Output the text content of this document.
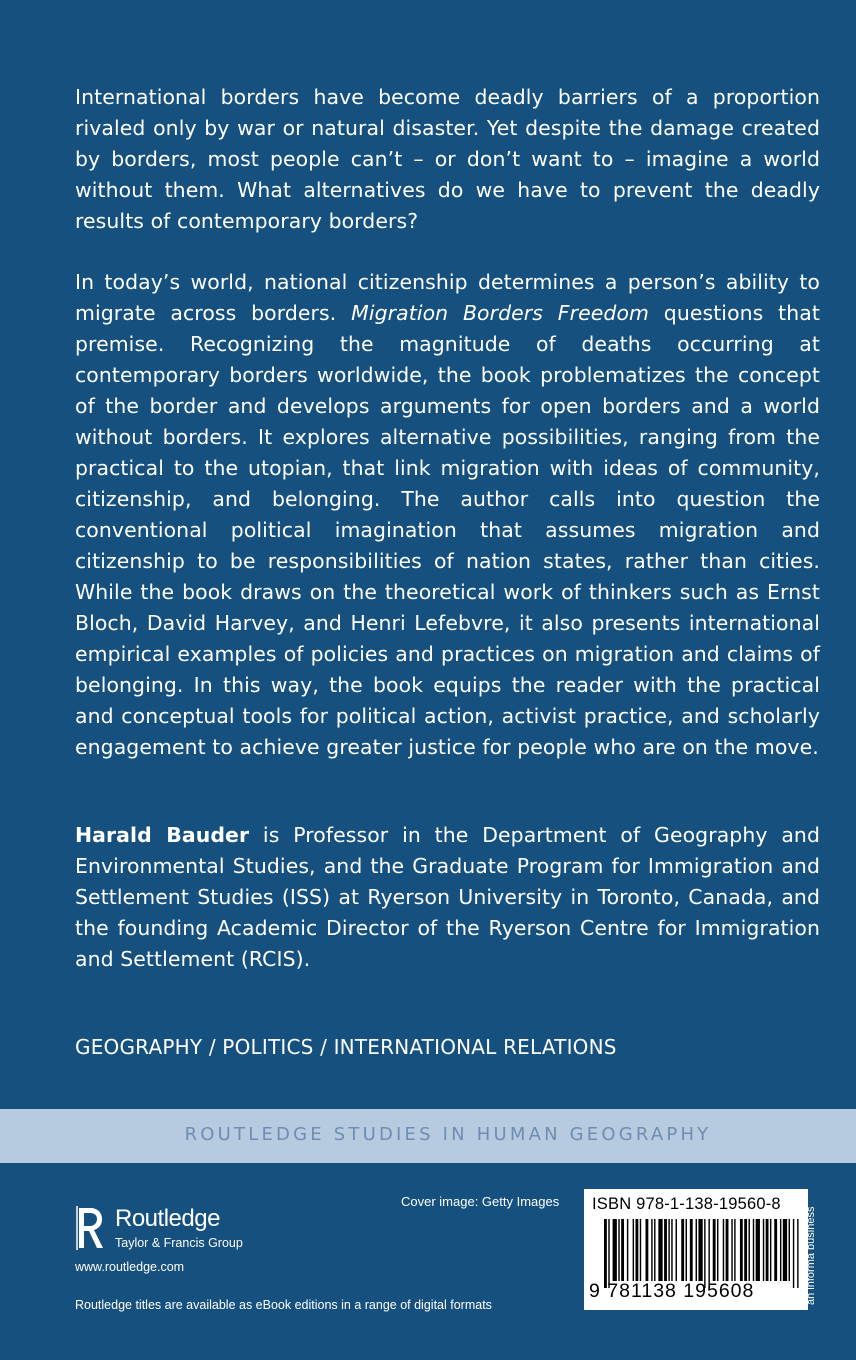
International borders have become deadly barriers of a proportion rivaled only by war or natural disaster. Yet despite the damage created by borders, most people can’t – or don’t want to – imagine a world without them. What alternatives do we have to prevent the deadly results of contemporary borders?

In today’s world, national citizenship determines a person’s ability to migrate across borders. Migration Borders Freedom questions that premise. Recognizing the magnitude of deaths occurring at contemporary borders worldwide, the book problematizes the concept of the border and develops arguments for open borders and a world without borders. It explores alternative possibilities, ranging from the practical to the utopian, that link migration with ideas of community, citizenship, and belonging. The author calls into question the conventional political imagination that assumes migration and citizenship to be responsibilities of nation states, rather than cities. While the book draws on the theoretical work of thinkers such as Ernst Bloch, David Harvey, and Henri Lefebvre, it also presents international empirical examples of policies and practices on migration and claims of belonging. In this way, the book equips the reader with the practical and conceptual tools for political action, activist practice, and scholarly engagement to achieve greater justice for people who are on the move.

Harald Bauder is Professor in the Department of Geography and Environmental Studies, and the Graduate Program for Immigration and Settlement Studies (ISS) at Ryerson University in Toronto, Canada, and the founding Academic Director of the Ryerson Centre for Immigration and Settlement (RCIS).

GEOGRAPHY / POLITICS / INTERNATIONAL RELATIONS
ROUTLEDGE STUDIES IN HUMAN GEOGRAPHY
Routledge
Taylor & Francis Group
www.routledge.com
Routledge titles are available as eBook editions in a range of digital formats
Cover image: Getty Images ISBN 978-1-138-19560-8
9 781138 195608	an informa business
